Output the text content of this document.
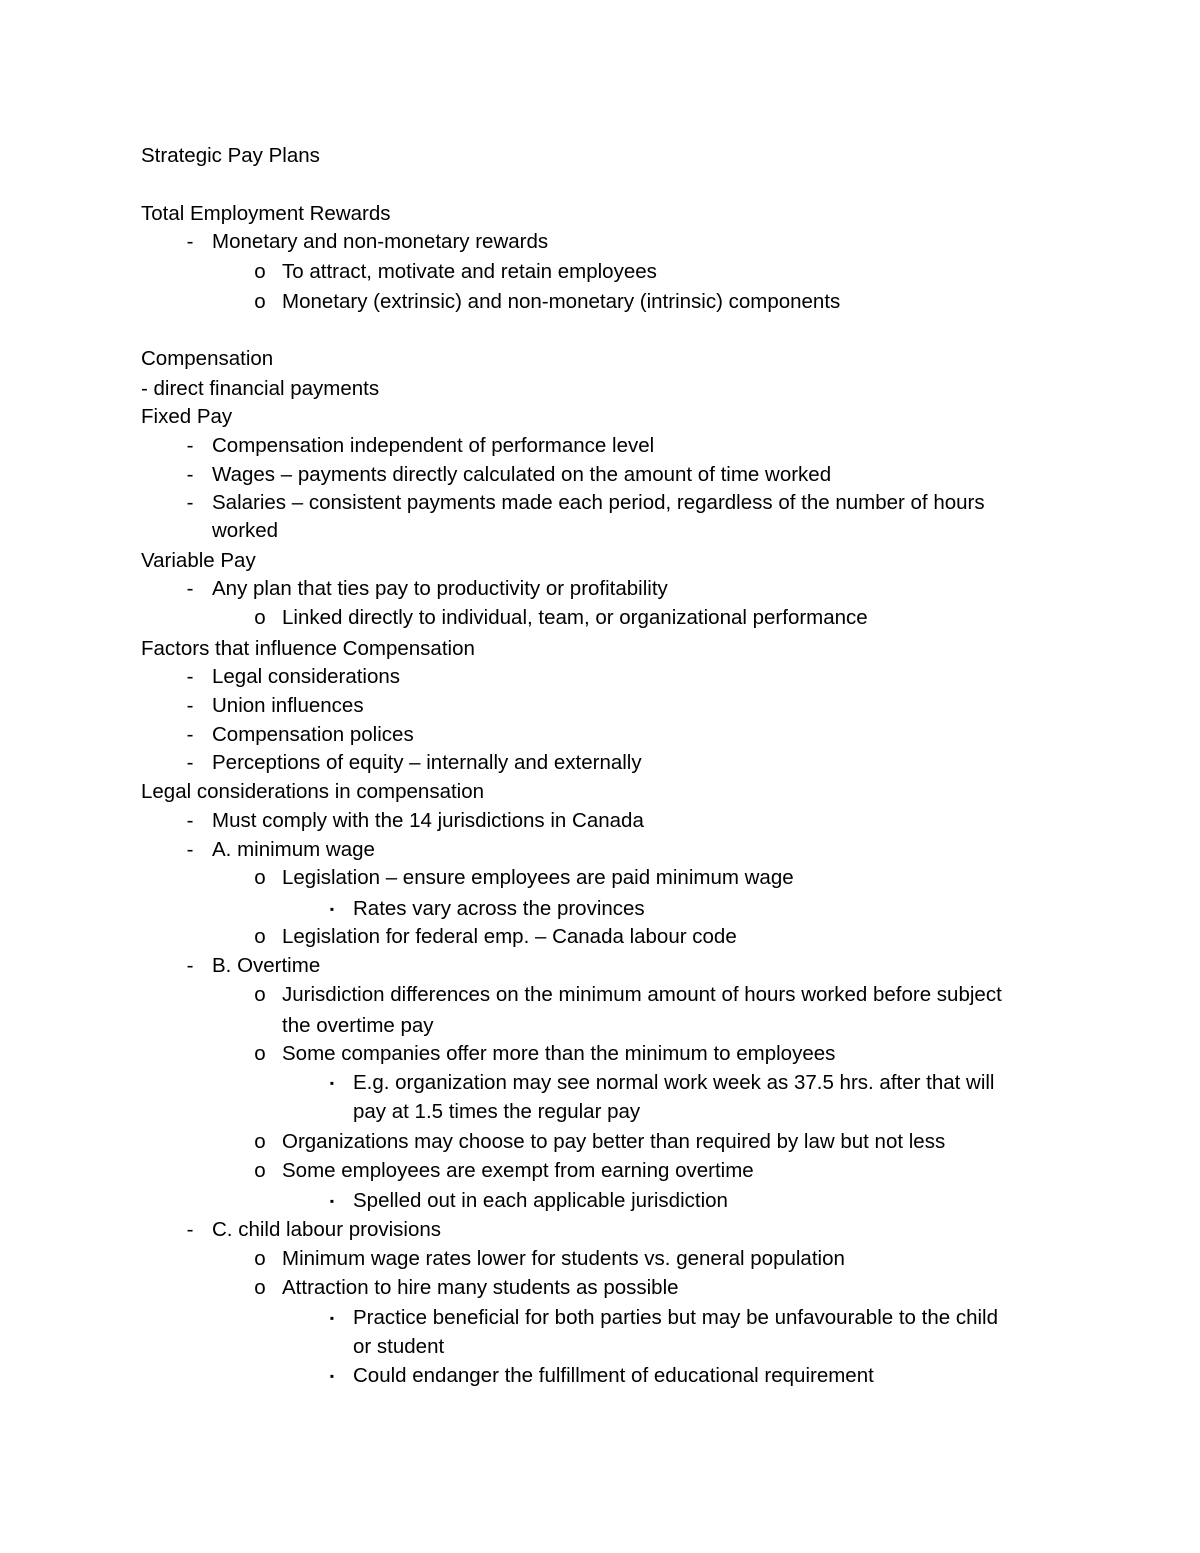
Strategic Pay Plans
Total Employment Rewards
- Monetary and non-monetary rewards
o To attract, motivate and retain employees
o Monetary (extrinsic) and non-monetary (intrinsic) components
Compensation
- direct financial payments
Fixed Pay
- Compensation independent of performance level
- Wages – payments directly calculated on the amount of time worked
- Salaries – consistent payments made each period, regardless of the number of hours
worked
Variable Pay
- Any plan that ties pay to productivity or profitability
o Linked directly to individual, team, or organizational performance
Factors that influence Compensation
- Legal considerations
- Union influences
- Compensation polices
- Perceptions of equity – internally and externally
Legal considerations in compensation
- Must comply with the 14 jurisdictions in Canada
- A. minimum wage
o Legislation – ensure employees are paid minimum wage
▪ Rates vary across the provinces
o Legislation for federal emp. – Canada labour code
- B. Overtime
o Jurisdiction differences on the minimum amount of hours worked before subject
the overtime pay
o Some companies offer more than the minimum to employees
▪ E.g. organization may see normal work week as 37.5 hrs. after that will
pay at 1.5 times the regular pay
o Organizations may choose to pay better than required by law but not less
o Some employees are exempt from earning overtime
▪ Spelled out in each applicable jurisdiction
- C. child labour provisions
o Minimum wage rates lower for students vs. general population
o Attraction to hire many students as possible
▪ Practice beneficial for both parties but may be unfavourable to the child
or student
▪ Could endanger the fulfillment of educational requirement
